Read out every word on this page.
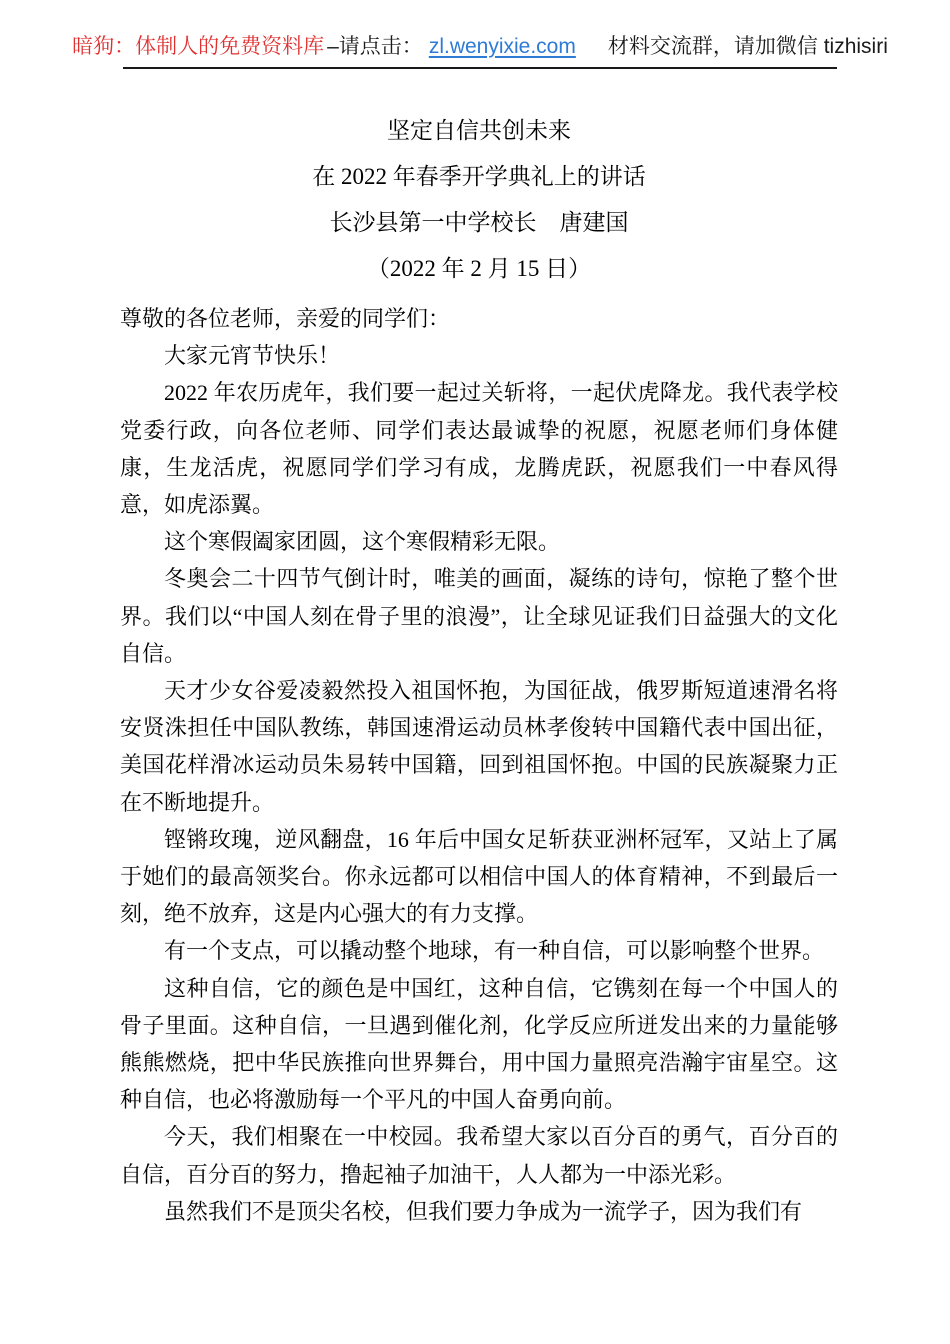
暗狗：体制人的免费资料库 –请点击： zl.wenyixie.com 材料交流群，请加微信 tizhisiri
坚定自信共创未来
在 2022 年春季开学典礼上的讲话
长沙县第一中学校长　唐建国
（2022 年 2 月 15 日）

尊敬的各位老师，亲爱的同学们：

大家元宵节快乐！

2022 年农历虎年，我们要一起过关斩将，一起伏虎降龙。我代表学校党委行政，向各位老师、同学们表达最诚挚的祝愿，祝愿老师们身体健康，生龙活虎，祝愿同学们学习有成，龙腾虎跃，祝愿我们一中春风得意，如虎添翼。

这个寒假阖家团圆，这个寒假精彩无限。

冬奥会二十四节气倒计时，唯美的画面，凝练的诗句，惊艳了整个世界。我们以“中国人刻在骨子里的浪漫”，让全球见证我们日益强大的文化自信。

天才少女谷爱凌毅然投入祖国怀抱，为国征战，俄罗斯短道速滑名将安贤洙担任中国队教练，韩国速滑运动员林孝俊转中国籍代表中国出征，美国花样滑冰运动员朱易转中国籍，回到祖国怀抱。中国的民族凝聚力正在不断地提升。

铿锵玫瑰，逆风翻盘，16 年后中国女足斩获亚洲杯冠军，又站上了属于她们的最高领奖台。你永远都可以相信中国人的体育精神，不到最后一刻，绝不放弃，这是内心强大的有力支撑。

有一个支点，可以撬动整个地球，有一种自信，可以影响整个世界。

这种自信，它的颜色是中国红，这种自信，它镌刻在每一个中国人的骨子里面。这种自信，一旦遇到催化剂，化学反应所迸发出来的力量能够熊熊燃烧，把中华民族推向世界舞台，用中国力量照亮浩瀚宇宙星空。这种自信，也必将激励每一个平凡的中国人奋勇向前。

今天，我们相聚在一中校园。我希望大家以百分百的勇气，百分百的自信，百分百的努力，撸起袖子加油干，人人都为一中添光彩。

虽然我们不是顶尖名校，但我们要力争成为一流学子，因为我们有
